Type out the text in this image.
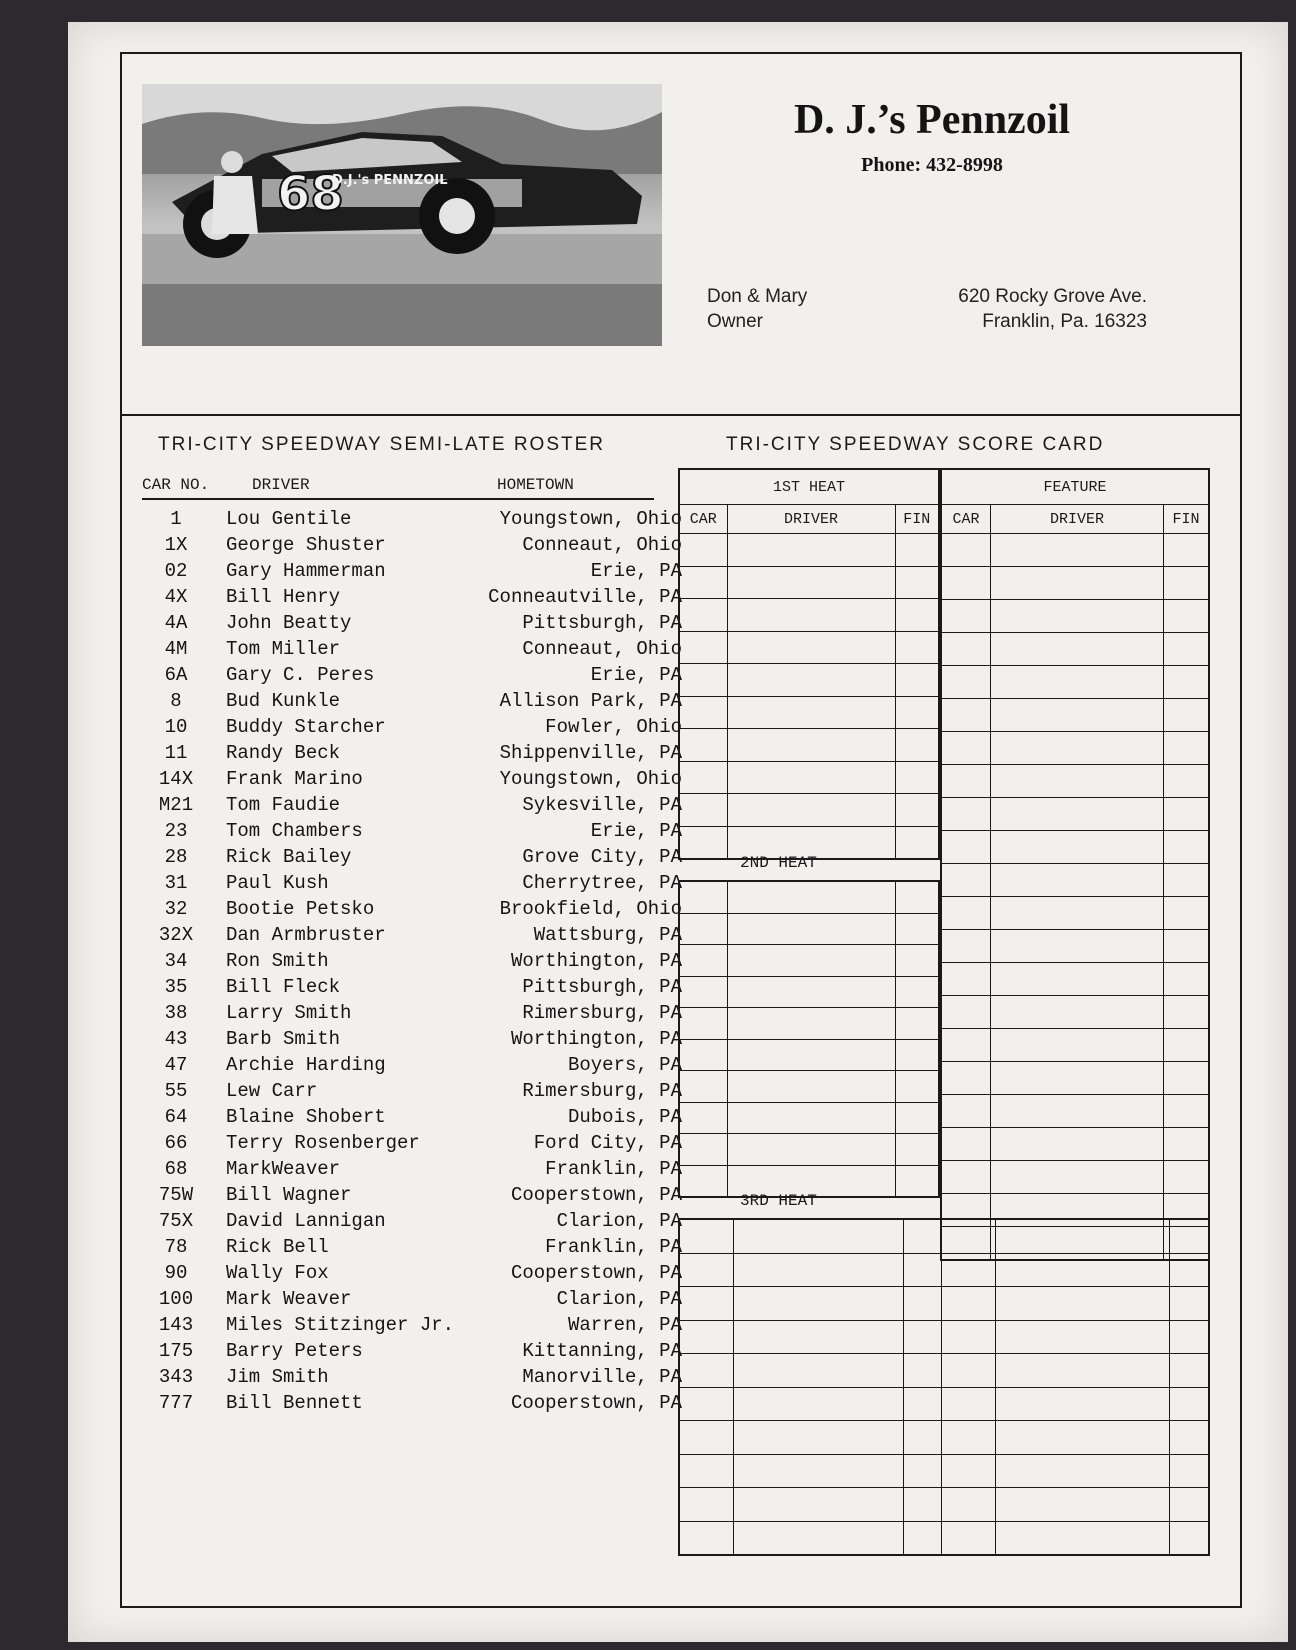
68
D.J.'s PENNZOIL
D. J.’s Pennzoil
Phone: 432-8998
Don & Mary
Owner
620 Rocky Grove Ave.
Franklin, Pa. 16323
TRI-CITY SPEEDWAY SEMI-LATE ROSTER
CAR NO.	DRIVER	HOMETOWN
1	Lou Gentile	Youngstown, Ohio
1X	George Shuster	Conneaut, Ohio
02	Gary Hammerman	Erie, PA
4X	Bill Henry	Conneautville, PA
4A	John Beatty	Pittsburgh, PA
4M	Tom Miller	Conneaut, Ohio
6A	Gary C. Peres	Erie, PA
8	Bud Kunkle	Allison Park, PA
10	Buddy Starcher	Fowler, Ohio
11	Randy Beck	Shippenville, PA
14X	Frank Marino	Youngstown, Ohio
M21	Tom Faudie	Sykesville, PA
23	Tom Chambers	Erie, PA
28	Rick Bailey	Grove City, PA
31	Paul Kush	Cherrytree, PA
32	Bootie Petsko	Brookfield, Ohio
32X	Dan Armbruster	Wattsburg, PA
34	Ron Smith	Worthington, PA
35	Bill Fleck	Pittsburgh, PA
38	Larry Smith	Rimersburg, PA
43	Barb Smith	Worthington, PA
47	Archie Harding	Boyers, PA
55	Lew Carr	Rimersburg, PA
64	Blaine Shobert	Dubois, PA
66	Terry Rosenberger	Ford City, PA
68	MarkWeaver	Franklin, PA
75W	Bill Wagner	Cooperstown, PA
75X	David Lannigan	Clarion, PA
78	Rick Bell	Franklin, PA
90	Wally Fox	Cooperstown, PA
100	Mark Weaver	Clarion, PA
143	Miles Stitzinger Jr.	Warren, PA
175	Barry Peters	Kittanning, PA
343	Jim Smith	Manorville, PA
777	Bill Bennett	Cooperstown, PA
TRI-CITY SPEEDWAY SCORE CARD
1ST HEAT		
CAR	DRIVER	FIN

FEATURE		
CAR	DRIVER	FIN

2ND HEAT

3RD HEAT
